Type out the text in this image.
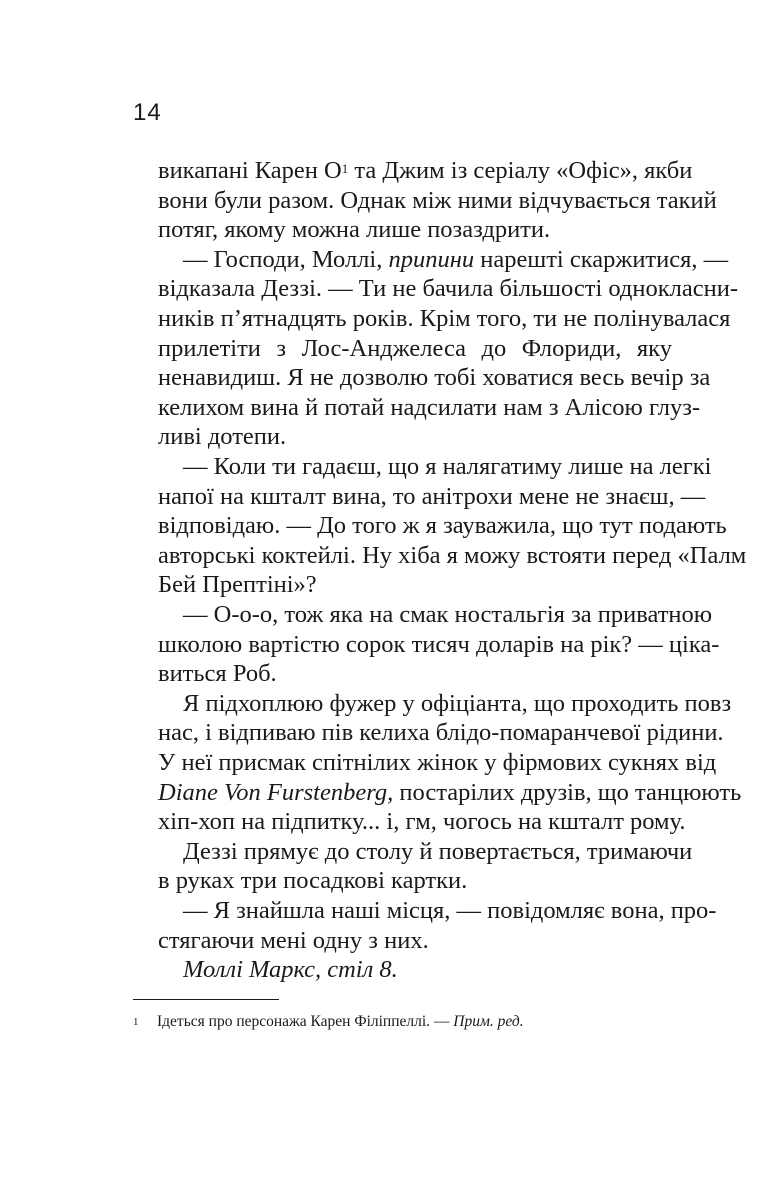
14
викапані Карен О$^1$ та Джим із серіалу «Офіс», якби
вони були разом. Однак між ними відчувається такий
потяг, якому можна лише позаздрити.
— Господи, Моллі, припини нарешті скаржитися, —
відказала Деззі. — Ти не бачила більшості однокласни-
ників п’ятнадцять років. Крім того, ти не полінувалася
прилетіти з Лос-Анджелеса до Флориди, яку
ненавидиш. Я не дозволю тобі ховатися весь вечір за
келихом вина й потай надсилати нам з Алісою глуз-
ливі дотепи.
— Коли ти гадаєш, що я налягатиму лише на легкі
напої на кшталт вина, то анітрохи мене не знаєш, —
відповідаю. — До того ж я зауважила, що тут подають
авторські коктейлі. Ну хіба я можу встояти перед «Палм
Бей Прептіні»?
— О-о-о, тож яка на смак ностальгія за приватною
школою вартістю сорок тисяч доларів на рік? — ціка-
виться Роб.
Я підхоплюю фужер у офіціанта, що проходить повз
нас, і відпиваю пів келиха блідо-помаранчевої рідини.
У неї присмак спітнілих жінок у фірмових сукнях від
Diane Von Furstenberg, постарілих друзів, що танцюють
хіп-хоп на підпитку... і, гм, чогось на кшталт рому.
Деззі прямує до столу й повертається, тримаючи
в руках три посадкові картки.
— Я знайшла наші місця, — повідомляє вона, про-
стягаючи мені одну з них.
Моллі Маркс, стіл 8.
1 Ідеться про персонажа Карен Філіппеллі. — Прим. ред.
